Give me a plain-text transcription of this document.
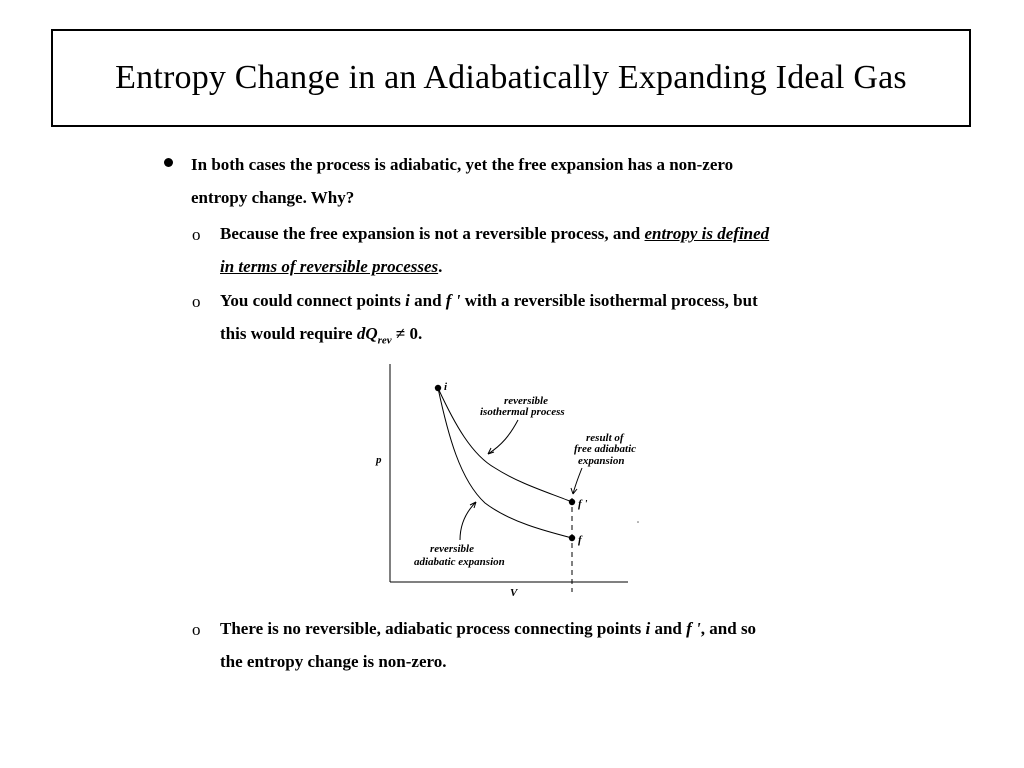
Entropy Change in an Adiabatically Expanding Ideal Gas
In both cases the process is adiabatic, yet the free expansion has a non-zero
entropy change. Why?
o Because the free expansion is not a reversible process, and entropy is defined
in terms of reversible processes.
o You could connect points i and f ' with a reversible isothermal process, but
this would require $dQ_{rev} \ne 0$.
p
V
i
f '
f
reversible
isothermal process
result of
free adiabatic
expansion
reversible
adiabatic expansion
o There is no reversible, adiabatic process connecting points i and f ', and so
the entropy change is non-zero.
